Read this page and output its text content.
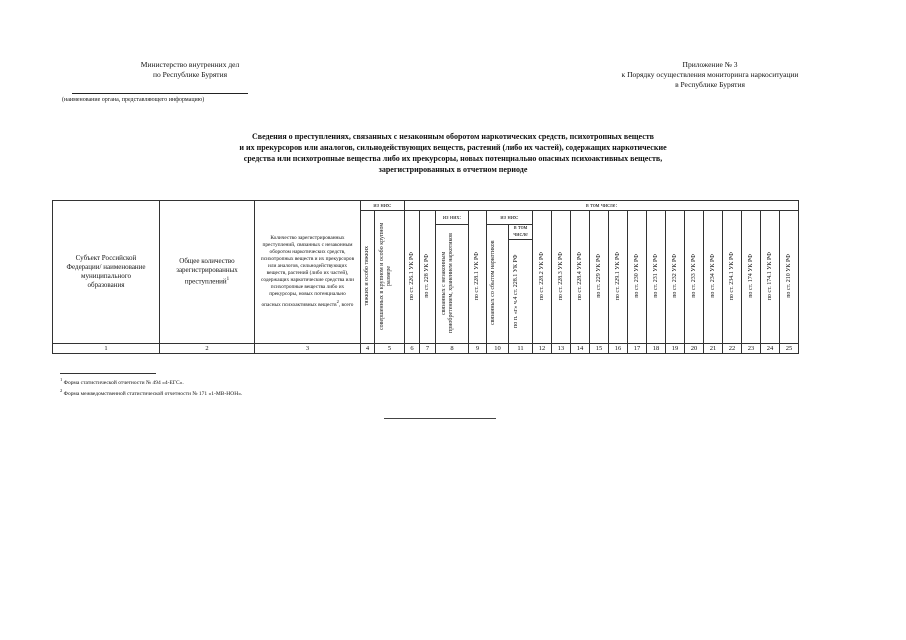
Министерство внутренних дел
по Республике Бурятия
(наименование органа, представляющего информацию)
Приложение № 3
к Порядку осуществления мониторинга наркоситуации
в Республике Бурятия
Сведения о преступлениях, связанных с незаконным оборотом наркотических средств, психотропных веществ
и их прекурсоров или аналогов, сильнодействующих веществ, растений (либо их частей), содержащих наркотические
средства или психотропные вещества либо их прекурсоры, новых потенциально опасных психоактивных веществ,
зарегистрированных в отчетном периоде
Субъект Российской Федерации/ наименование муниципального образования	Общее количество зарегистрированных преступлений$^1$	Количество зарегистрированных преступлений, связанных с незаконным оборотом наркотических средств, психотропных веществ и их прекурсоров или аналогов, сильнодействующих веществ, растений (либо их частей), содержащих наркотические средства или психотропные вещества либо их прекурсоры, новых потенциально опасных психоактивных веществ$^2$, всего	из них:		в том числе:																			
			тяжких и особо тяжких	совершенных в крупном и особо крупном размере	по ст. 226.1 УК РФ	по ст. 228 УК РФ	из них:	по ст. 228.1 УК РФ	из них:		по ст. 228.2 УК РФ	по ст. 228.3 УК РФ	по ст. 228.4 УК РФ	по ст. 229 УК РФ	по ст. 229.1 УК РФ	по ст. 230 УК РФ	по ст. 231 УК РФ	по ст. 232 УК РФ	по ст. 233 УК РФ	по ст. 234 УК РФ	по ст. 234.1 УК РФ	по ст. 174 УК РФ	по ст. 174.1 УК РФ	по ст. 210 УК РФ
							связанных с незаконным приобретением, хранением наркотиков		связанных со сбытом наркотиков	в том числе														
										по п. «г» ч.4 ст. 228.1 УК РФ														
1	2	3	4	5	6	7	8	9	10	11	12	13	14	15	16	17	18	19	20	21	22	23	24	25
$^1$ Форма статистической отчетности № 494 «4-ЕГС».
$^2$ Форма межведомственной статистической отчетности № 171 «1-МВ-НОН».
